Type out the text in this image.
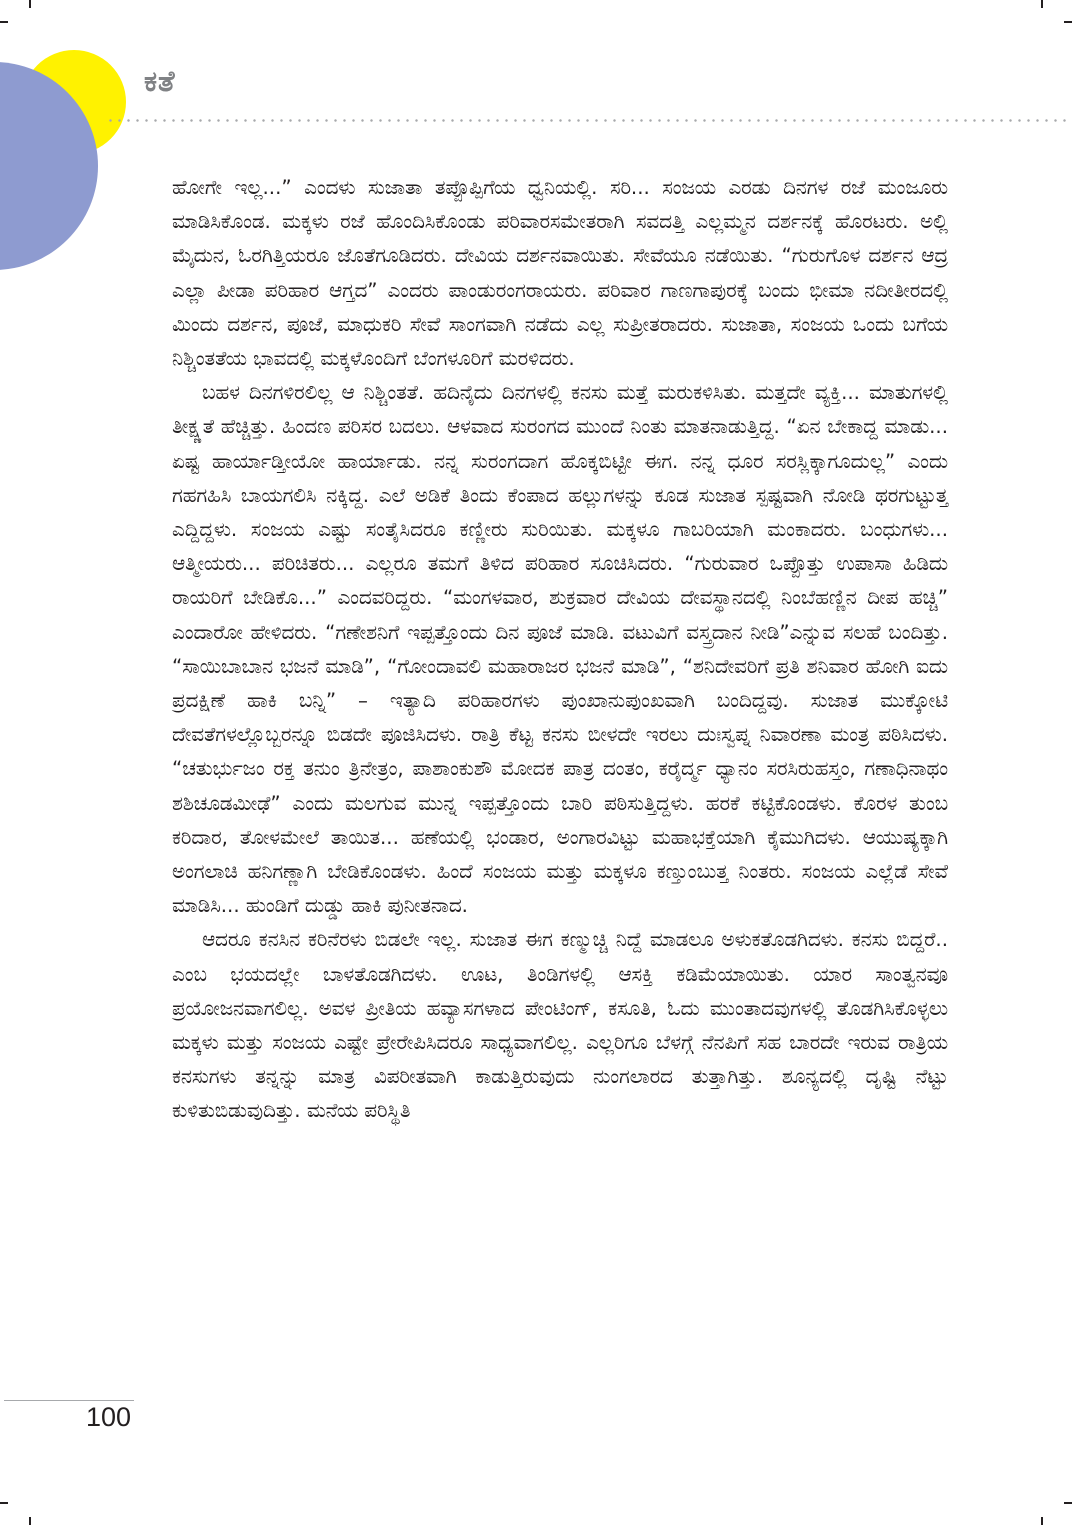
ಕತೆ

ಹೋಗೇ ಇಲ್ಲ...” ಎಂದಳು ಸುಜಾತಾ ತಪ್ಪೊಪ್ಪಿಗೆಯ ಧ್ವನಿಯಲ್ಲಿ. ಸರಿ... ಸಂಜಯ ಎರಡು ದಿನಗಳ ರಜೆ ಮಂಜೂರು ಮಾಡಿಸಿಕೊಂಡ. ಮಕ್ಕಳು ರಜೆ ಹೊಂದಿಸಿಕೊಂಡು ಪರಿವಾರಸಮೇತರಾಗಿ ಸವದತ್ತಿ ಎಲ್ಲಮ್ಮನ ದರ್ಶನಕ್ಕೆ ಹೊರಟರು. ಅಲ್ಲಿ ಮೈದುನ, ಓರಗಿತ್ತಿಯರೂ ಜೊತೆಗೂಡಿದರು. ದೇವಿಯ ದರ್ಶನವಾಯಿತು. ಸೇವೆಯೂ ನಡೆಯಿತು. “ಗುರುಗೊಳ ದರ್ಶನ ಆದ್ರ ಎಲ್ಲಾ ಪೀಡಾ ಪರಿಹಾರ ಆಗ್ತದ” ಎಂದರು ಪಾಂಡುರಂಗರಾಯರು. ಪರಿವಾರ ಗಾಣಗಾಪುರಕ್ಕೆ ಬಂದು ಭೀಮಾ ನದೀತೀರದಲ್ಲಿ ಮಿಂದು ದರ್ಶನ, ಪೂಜೆ, ಮಾಧುಕರಿ ಸೇವೆ ಸಾಂಗವಾಗಿ ನಡೆದು ಎಲ್ಲ ಸುಪ್ರೀತರಾದರು. ಸುಜಾತಾ, ಸಂಜಯ ಒಂದು ಬಗೆಯ ನಿಶ್ಚಿಂತತೆಯ ಭಾವದಲ್ಲಿ ಮಕ್ಕಳೊಂದಿಗೆ ಬೆಂಗಳೂರಿಗೆ ಮರಳಿದರು.

ಬಹಳ ದಿನಗಳಿರಲಿಲ್ಲ ಆ ನಿಶ್ಚಿಂತತೆ. ಹದಿನೈದು ದಿನಗಳಲ್ಲಿ ಕನಸು ಮತ್ತೆ ಮರುಕಳಿಸಿತು. ಮತ್ತದೇ ವ್ಯಕ್ತಿ... ಮಾತುಗಳಲ್ಲಿ ತೀಕ್ಷ್ಣತೆ ಹೆಚ್ಚಿತ್ತು. ಹಿಂದಣ ಪರಿಸರ ಬದಲು. ಆಳವಾದ ಸುರಂಗದ ಮುಂದೆ ನಿಂತು ಮಾತನಾಡುತ್ತಿದ್ದ. “ಏನ ಬೇಕಾದ್ದ ಮಾಡು... ಏಷ್ಟ ಹಾರ್ಯಾಡ್ತೀಯೋ ಹಾರ್ಯಾಡು. ನನ್ನ ಸುರಂಗದಾಗ ಹೊಕ್ಕಬಿಟ್ಟೀ ಈಗ. ನನ್ನ ಧೂರ ಸರಸ್ಲಿಕ್ಕಾಗೂದುಲ್ಲ” ಎಂದು ಗಹಗಹಿಸಿ ಬಾಯಗಲಿಸಿ ನಕ್ಕಿದ್ದ. ಎಲೆ ಅಡಿಕೆ ತಿಂದು ಕೆಂಪಾದ ಹಲ್ಲುಗಳನ್ನು ಕೂಡ ಸುಜಾತ ಸ್ಪಷ್ಟವಾಗಿ ನೋಡಿ ಥರಗುಟ್ಟುತ್ತ ಎದ್ದಿದ್ದಳು. ಸಂಜಯ ಎಷ್ಟು ಸಂತೈಸಿದರೂ ಕಣ್ಣೀರು ಸುರಿಯಿತು. ಮಕ್ಕಳೂ ಗಾಬರಿಯಾಗಿ ಮಂಕಾದರು. ಬಂಧುಗಳು... ಆತ್ಮೀಯರು... ಪರಿಚಿತರು... ಎಲ್ಲರೂ ತಮಗೆ ತಿಳಿದ ಪರಿಹಾರ ಸೂಚಿಸಿದರು. “ಗುರುವಾರ ಒಪ್ಪೊತ್ತು ಉಪಾಸಾ ಹಿಡಿದು ರಾಯರಿಗೆ ಬೇಡಿಕೊ...” ಎಂದವರಿದ್ದರು. “ಮಂಗಳವಾರ, ಶುಕ್ರವಾರ ದೇವಿಯ ದೇವಸ್ಥಾನದಲ್ಲಿ ನಿಂಬೆಹಣ್ಣಿನ ದೀಪ ಹಚ್ಚಿ” ಎಂದಾರೋ ಹೇಳಿದರು. “ಗಣೇಶನಿಗೆ ಇಪ್ಪತ್ತೊಂದು ದಿನ ಪೂಜೆ ಮಾಡಿ. ವಟುವಿಗೆ ವಸ್ತ್ರದಾನ ನೀಡಿ”ಎನ್ನುವ ಸಲಹೆ ಬಂದಿತ್ತು. “ಸಾಯಿಬಾಬಾನ ಭಜನೆ ಮಾಡಿ”, “ಗೋಂದಾವಲಿ ಮಹಾರಾಜರ ಭಜನೆ ಮಾಡಿ”, “ಶನಿದೇವರಿಗೆ ಪ್ರತಿ ಶನಿವಾರ ಹೋಗಿ ಐದು ಪ್ರದಕ್ಷಿಣೆ ಹಾಕಿ ಬನ್ನಿ” – ಇತ್ಯಾದಿ ಪರಿಹಾರಗಳು ಪುಂಖಾನುಪುಂಖವಾಗಿ ಬಂದಿದ್ದವು. ಸುಜಾತ ಮುಕ್ಕೋಟಿ ದೇವತೆಗಳಲ್ಲೊಬ್ಬರನ್ನೂ ಬಿಡದೇ ಪೂಜಿಸಿದಳು. ರಾತ್ರಿ ಕೆಟ್ಟ ಕನಸು ಬೀಳದೇ ಇರಲು ದುಃಸ್ವಪ್ನ ನಿವಾರಣಾ ಮಂತ್ರ ಪಠಿಸಿದಳು. “ಚತುರ್ಭುಜಂ ರಕ್ತ ತನುಂ ತ್ರಿನೇತ್ರಂ, ಪಾಶಾಂಕುಶೌ ಮೋದಕ ಪಾತ್ರ ದಂತಂ, ಕರೈರ್ದ್ಮ ಧ್ಯಾನಂ ಸರಸಿರುಹಸ್ತಂ, ಗಣಾಧಿನಾಥಂ ಶಶಿಚೂಡಮೀಢೆ” ಎಂದು ಮಲಗುವ ಮುನ್ನ ಇಪ್ಪತ್ತೊಂದು ಬಾರಿ ಪಠಿಸುತ್ತಿದ್ದಳು. ಹರಕೆ ಕಟ್ಟಿಕೊಂಡಳು. ಕೊರಳ ತುಂಬ ಕರಿದಾರ, ತೋಳಮೇಲೆ ತಾಯಿತ... ಹಣೆಯಲ್ಲಿ ಭಂಡಾರ, ಅಂಗಾರವಿಟ್ಟು ಮಹಾಭಕ್ತೆಯಾಗಿ ಕೈಮುಗಿದಳು. ಆಯುಷ್ಯಕ್ಕಾಗಿ ಅಂಗಲಾಚಿ ಹನಿಗಣ್ಣಾಗಿ ಬೇಡಿಕೊಂಡಳು. ಹಿಂದೆ ಸಂಜಯ ಮತ್ತು ಮಕ್ಕಳೂ ಕಣ್ತುಂಬುತ್ತ ನಿಂತರು. ಸಂಜಯ ಎಲ್ಲೆಡೆ ಸೇವೆ ಮಾಡಿಸಿ... ಹುಂಡಿಗೆ ದುಡ್ಡು ಹಾಕಿ ಪುನೀತನಾದ.

ಆದರೂ ಕನಸಿನ ಕರಿನೆರಳು ಬಿಡಲೇ ಇಲ್ಲ. ಸುಜಾತ ಈಗ ಕಣ್ಮುಚ್ಚಿ ನಿದ್ದೆ ಮಾಡಲೂ ಅಳುಕತೊಡಗಿದಳು. ಕನಸು ಬಿದ್ದರೆ.. ಎಂಬ ಭಯದಲ್ಲೇ ಬಾಳತೊಡಗಿದಳು. ಊಟ, ತಿಂಡಿಗಳಲ್ಲಿ ಆಸಕ್ತಿ ಕಡಿಮೆಯಾಯಿತು. ಯಾರ ಸಾಂತ್ವನವೂ ಪ್ರಯೋಜನವಾಗಲಿಲ್ಲ. ಅವಳ ಪ್ರೀತಿಯ ಹವ್ಯಾಸಗಳಾದ ಪೇಂಟಿಂಗ್, ಕಸೂತಿ, ಓದು ಮುಂತಾದವುಗಳಲ್ಲಿ ತೊಡಗಿಸಿಕೊಳ್ಳಲು ಮಕ್ಕಳು ಮತ್ತು ಸಂಜಯ ಎಷ್ಟೇ ಪ್ರೇರೇಪಿಸಿದರೂ ಸಾಧ್ಯವಾಗಲಿಲ್ಲ. ಎಲ್ಲರಿಗೂ ಬೆಳಗ್ಗೆ ನೆನಪಿಗೆ ಸಹ ಬಾರದೇ ಇರುವ ರಾತ್ರಿಯ ಕನಸುಗಳು ತನ್ನನ್ನು ಮಾತ್ರ ವಿಪರೀತವಾಗಿ ಕಾಡುತ್ತಿರುವುದು ನುಂಗಲಾರದ ತುತ್ತಾಗಿತ್ತು. ಶೂನ್ಯದಲ್ಲಿ ದೃಷ್ಟಿ ನೆಟ್ಟು ಕುಳಿತುಬಿಡುವುದಿತ್ತು. ಮನೆಯ ಪರಿಸ್ಥಿತಿ

100
